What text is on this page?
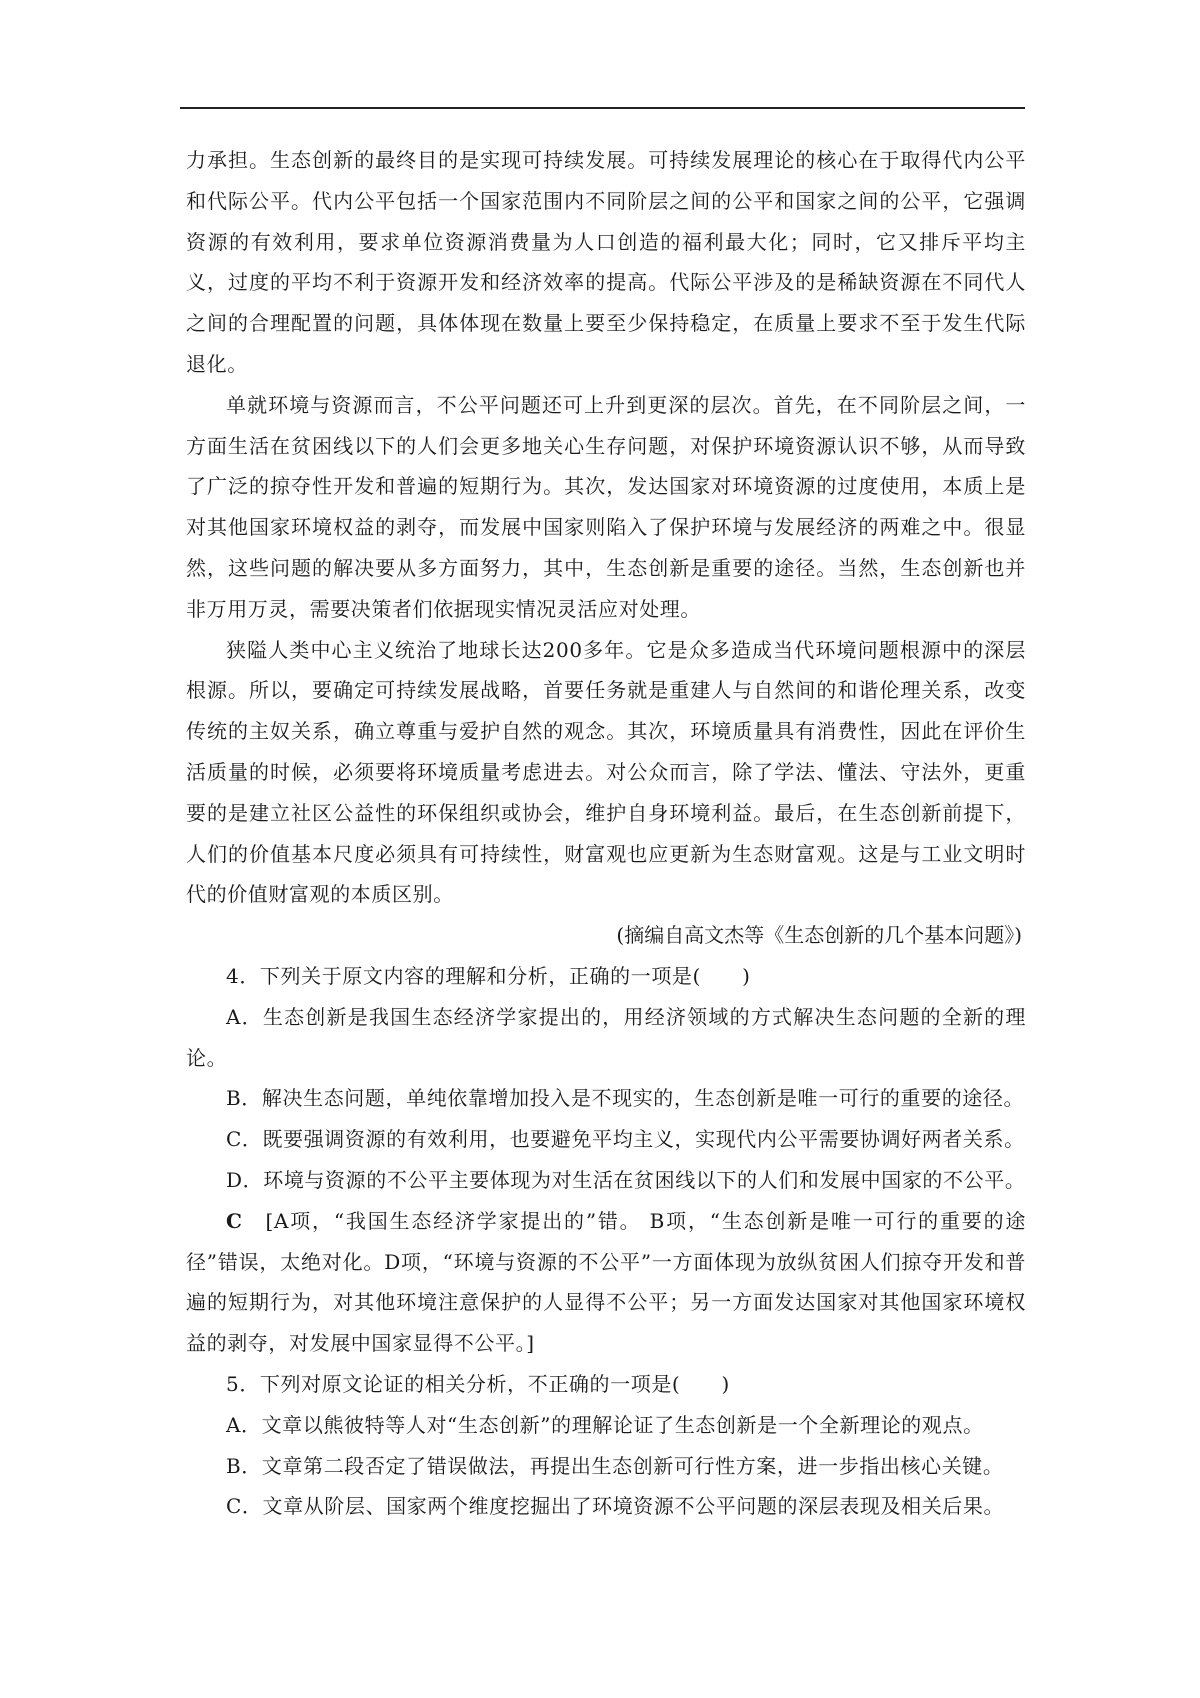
力承担。生态创新的最终目的是实现可持续发展。可持续发展理论的核心在于取得代内公平和代际公平。代内公平包括一个国家范围内不同阶层之间的公平和国家之间的公平，它强调资源的有效利用，要求单位资源消费量为人口创造的福利最大化；同时，它又排斥平均主义，过度的平均不利于资源开发和经济效率的提高。代际公平涉及的是稀缺资源在不同代人之间的合理配置的问题，具体体现在数量上要至少保持稳定，在质量上要求不至于发生代际退化。

单就环境与资源而言，不公平问题还可上升到更深的层次。首先，在不同阶层之间，一方面生活在贫困线以下的人们会更多地关心生存问题，对保护环境资源认识不够，从而导致了广泛的掠夺性开发和普遍的短期行为。其次，发达国家对环境资源的过度使用，本质上是对其他国家环境权益的剥夺，而发展中国家则陷入了保护环境与发展经济的两难之中。很显然，这些问题的解决要从多方面努力，其中，生态创新是重要的途径。当然，生态创新也并非万用万灵，需要决策者们依据现实情况灵活应对处理。

狭隘人类中心主义统治了地球长达200多年。它是众多造成当代环境问题根源中的深层根源。所以，要确定可持续发展战略，首要任务就是重建人与自然间的和谐伦理关系，改变传统的主奴关系，确立尊重与爱护自然的观念。其次，环境质量具有消费性，因此在评价生活质量的时候，必须要将环境质量考虑进去。对公众而言，除了学法、懂法、守法外，更重要的是建立社区公益性的环保组织或协会，维护自身环境利益。最后，在生态创新前提下，人们的价值基本尺度必须具有可持续性，财富观也应更新为生态财富观。这是与工业文明时代的价值财富观的本质区别。

(摘编自高文杰等《生态创新的几个基本问题》)

4．下列关于原文内容的理解和分析，正确的一项是(　　)

A．生态创新是我国生态经济学家提出的，用经济领域的方式解决生态问题的全新的理论。

B．解决生态问题，单纯依靠增加投入是不现实的，生态创新是唯一可行的重要的途径。

C．既要强调资源的有效利用，也要避免平均主义，实现代内公平需要协调好两者关系。

D．环境与资源的不公平主要体现为对生活在贫困线以下的人们和发展中国家的不公平。

C　[A项，“我国生态经济学家提出的”错。 B项，“生态创新是唯一可行的重要的途径”错误，太绝对化。D项，“环境与资源的不公平”一方面体现为放纵贫困人们掠夺开发和普遍的短期行为，对其他环境注意保护的人显得不公平；另一方面发达国家对其他国家环境权益的剥夺，对发展中国家显得不公平。]

5．下列对原文论证的相关分析，不正确的一项是(　　)

A．文章以熊彼特等人对“生态创新”的理解论证了生态创新是一个全新理论的观点。

B．文章第二段否定了错误做法，再提出生态创新可行性方案，进一步指出核心关键。

C．文章从阶层、国家两个维度挖掘出了环境资源不公平问题的深层表现及相关后果。
